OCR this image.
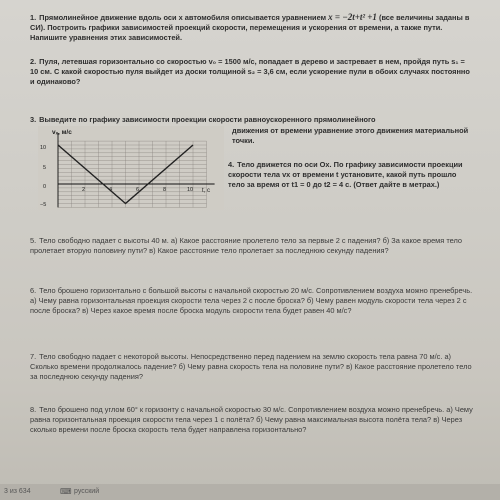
1. Прямолинейное движение вдоль оси х автомобиля описывается уравнением x = −2t+t² +1 (все величины заданы в СИ). Построить графики зависимостей проекций скорости, перемещения и ускорения от времени, а также пути. Напишите уравнения этих зависимостей.
2. Пуля, летевшая горизонтально со скоростью v₀ = 1500 м/с, попадает в дерево и застревает в нем, пройдя путь s₁ = 10 см. С какой скоростью пуля выйдет из доски толщиной s₂ = 3,6 см, если ускорение пули в обоих случаях постоянно и одинаково?
3. Выведите по графику зависимости проекции скорости равноускоренного прямолинейного
движения от времени уравнение этого движения материальной точки.
vₓ, м/с
t, с
10
5
0
−5
2	4	6	8	10
4. Тело движется по оси Ох. По графику зависимости проекции скорости тела vx от времени t установите, какой путь прошло тело за время от t1 = 0 до t2 = 4 с. (Ответ дайте в метрах.)
5. Тело свободно падает с высоты 40 м. а) Какое расстояние пролетело тело за первые 2 с падения? б) За какое время тело пролетает вторую половину пути? в) Какое расстояние тело пролетает за последнюю секунду падения?
6. Тело брошено горизонтально с большой высоты с начальной скоростью 20 м/с. Сопротивлением воздуха можно пренебречь. а) Чему равна горизонтальная проекция скорости тела через 2 с после броска? б) Чему равен модуль скорости тела через 2 с после броска? в) Через какое время после броска модуль скорости тела будет равен 40 м/с?
7. Тело свободно падает с некоторой высоты. Непосредственно перед падением на землю скорость тела равна 70 м/с. а) Сколько времени продолжалось падение? б) Чему равна скорость тела на половине пути? в) Какое расстояние пролетело тело за последнюю секунду падения?
8. Тело брошено под углом 60° к горизонту с начальной скоростью 30 м/с. Сопротивлением воздуха можно пренебречь. а) Чему равна горизонтальная проекция скорости тела через 1 с полёта? б) Чему равна максимальная высота полёта тела? в) Через сколько времени после броска скорость тела будет направлена горизонтально?
3 из 634	⌨ русский
